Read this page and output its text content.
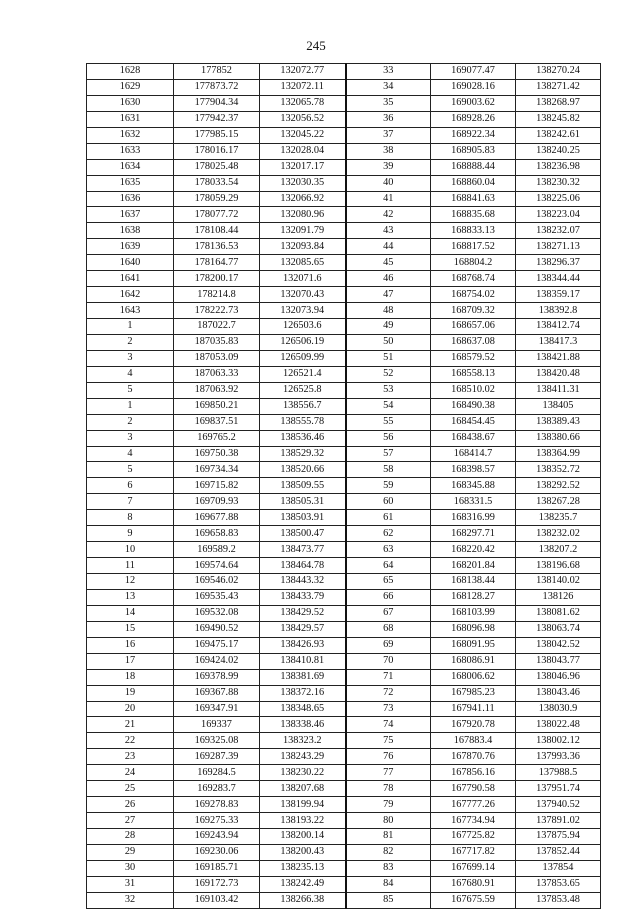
245
1628	177852	132072.77	33	169077.47	138270.24
1629	177873.72	132072.11	34	169028.16	138271.42
1630	177904.34	132065.78	35	169003.62	138268.97
1631	177942.37	132056.52	36	168928.26	138245.82
1632	177985.15	132045.22	37	168922.34	138242.61
1633	178016.17	132028.04	38	168905.83	138240.25
1634	178025.48	132017.17	39	168888.44	138236.98
1635	178033.54	132030.35	40	168860.04	138230.32
1636	178059.29	132066.92	41	168841.63	138225.06
1637	178077.72	132080.96	42	168835.68	138223.04
1638	178108.44	132091.79	43	168833.13	138232.07
1639	178136.53	132093.84	44	168817.52	138271.13
1640	178164.77	132085.65	45	168804.2	138296.37
1641	178200.17	132071.6	46	168768.74	138344.44
1642	178214.8	132070.43	47	168754.02	138359.17
1643	178222.73	132073.94	48	168709.32	138392.8
1	187022.7	126503.6	49	168657.06	138412.74
2	187035.83	126506.19	50	168637.08	138417.3
3	187053.09	126509.99	51	168579.52	138421.88
4	187063.33	126521.4	52	168558.13	138420.48
5	187063.92	126525.8	53	168510.02	138411.31
1	169850.21	138556.7	54	168490.38	138405
2	169837.51	138555.78	55	168454.45	138389.43
3	169765.2	138536.46	56	168438.67	138380.66
4	169750.38	138529.32	57	168414.7	138364.99
5	169734.34	138520.66	58	168398.57	138352.72
6	169715.82	138509.55	59	168345.88	138292.52
7	169709.93	138505.31	60	168331.5	138267.28
8	169677.88	138503.91	61	168316.99	138235.7
9	169658.83	138500.47	62	168297.71	138232.02
10	169589.2	138473.77	63	168220.42	138207.2
11	169574.64	138464.78	64	168201.84	138196.68
12	169546.02	138443.32	65	168138.44	138140.02
13	169535.43	138433.79	66	168128.27	138126
14	169532.08	138429.52	67	168103.99	138081.62
15	169490.52	138429.57	68	168096.98	138063.74
16	169475.17	138426.93	69	168091.95	138042.52
17	169424.02	138410.81	70	168086.91	138043.77
18	169378.99	138381.69	71	168006.62	138046.96
19	169367.88	138372.16	72	167985.23	138043.46
20	169347.91	138348.65	73	167941.11	138030.9
21	169337	138338.46	74	167920.78	138022.48
22	169325.08	138323.2	75	167883.4	138002.12
23	169287.39	138243.29	76	167870.76	137993.36
24	169284.5	138230.22	77	167856.16	137988.5
25	169283.7	138207.68	78	167790.58	137951.74
26	169278.83	138199.94	79	167777.26	137940.52
27	169275.33	138193.22	80	167734.94	137891.02
28	169243.94	138200.14	81	167725.82	137875.94
29	169230.06	138200.43	82	167717.82	137852.44
30	169185.71	138235.13	83	167699.14	137854
31	169172.73	138242.49	84	167680.91	137853.65
32	169103.42	138266.38	85	167675.59	137853.48
